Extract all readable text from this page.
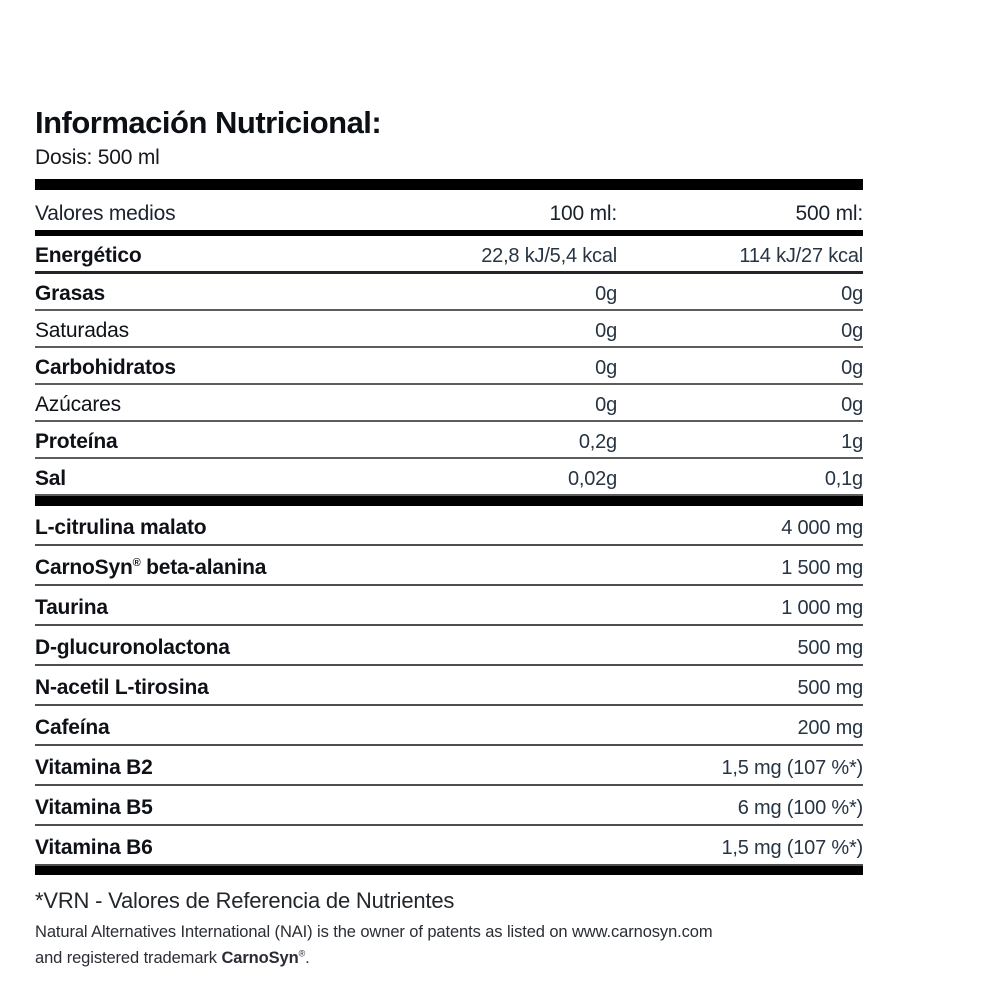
Información Nutricional:
Dosis: 500 ml
Valores medios	100 ml:	500 ml:
Energético	22,8 kJ/5,4 kcal	114 kJ/27 kcal
Grasas	0g	0g
Saturadas	0g	0g
Carbohidratos	0g	0g
Azúcares	0g	0g
Proteína	0,2g	1g
Sal	0,02g	0,1g
L-citrulina malato	4 000 mg
CarnoSyn® beta-alanina	1 500 mg
Taurina	1 000 mg
D-glucuronolactona	500 mg
N-acetil L-tirosina	500 mg
Cafeína	200 mg
Vitamina B2	1,5 mg (107 %*)
Vitamina B5	6 mg (100 %*)
Vitamina B6	1,5 mg (107 %*)
*VRN - Valores de Referencia de Nutrientes
Natural Alternatives International (NAI) is the owner of patents as listed on www.carnosyn.com
and registered trademark CarnoSyn®.
